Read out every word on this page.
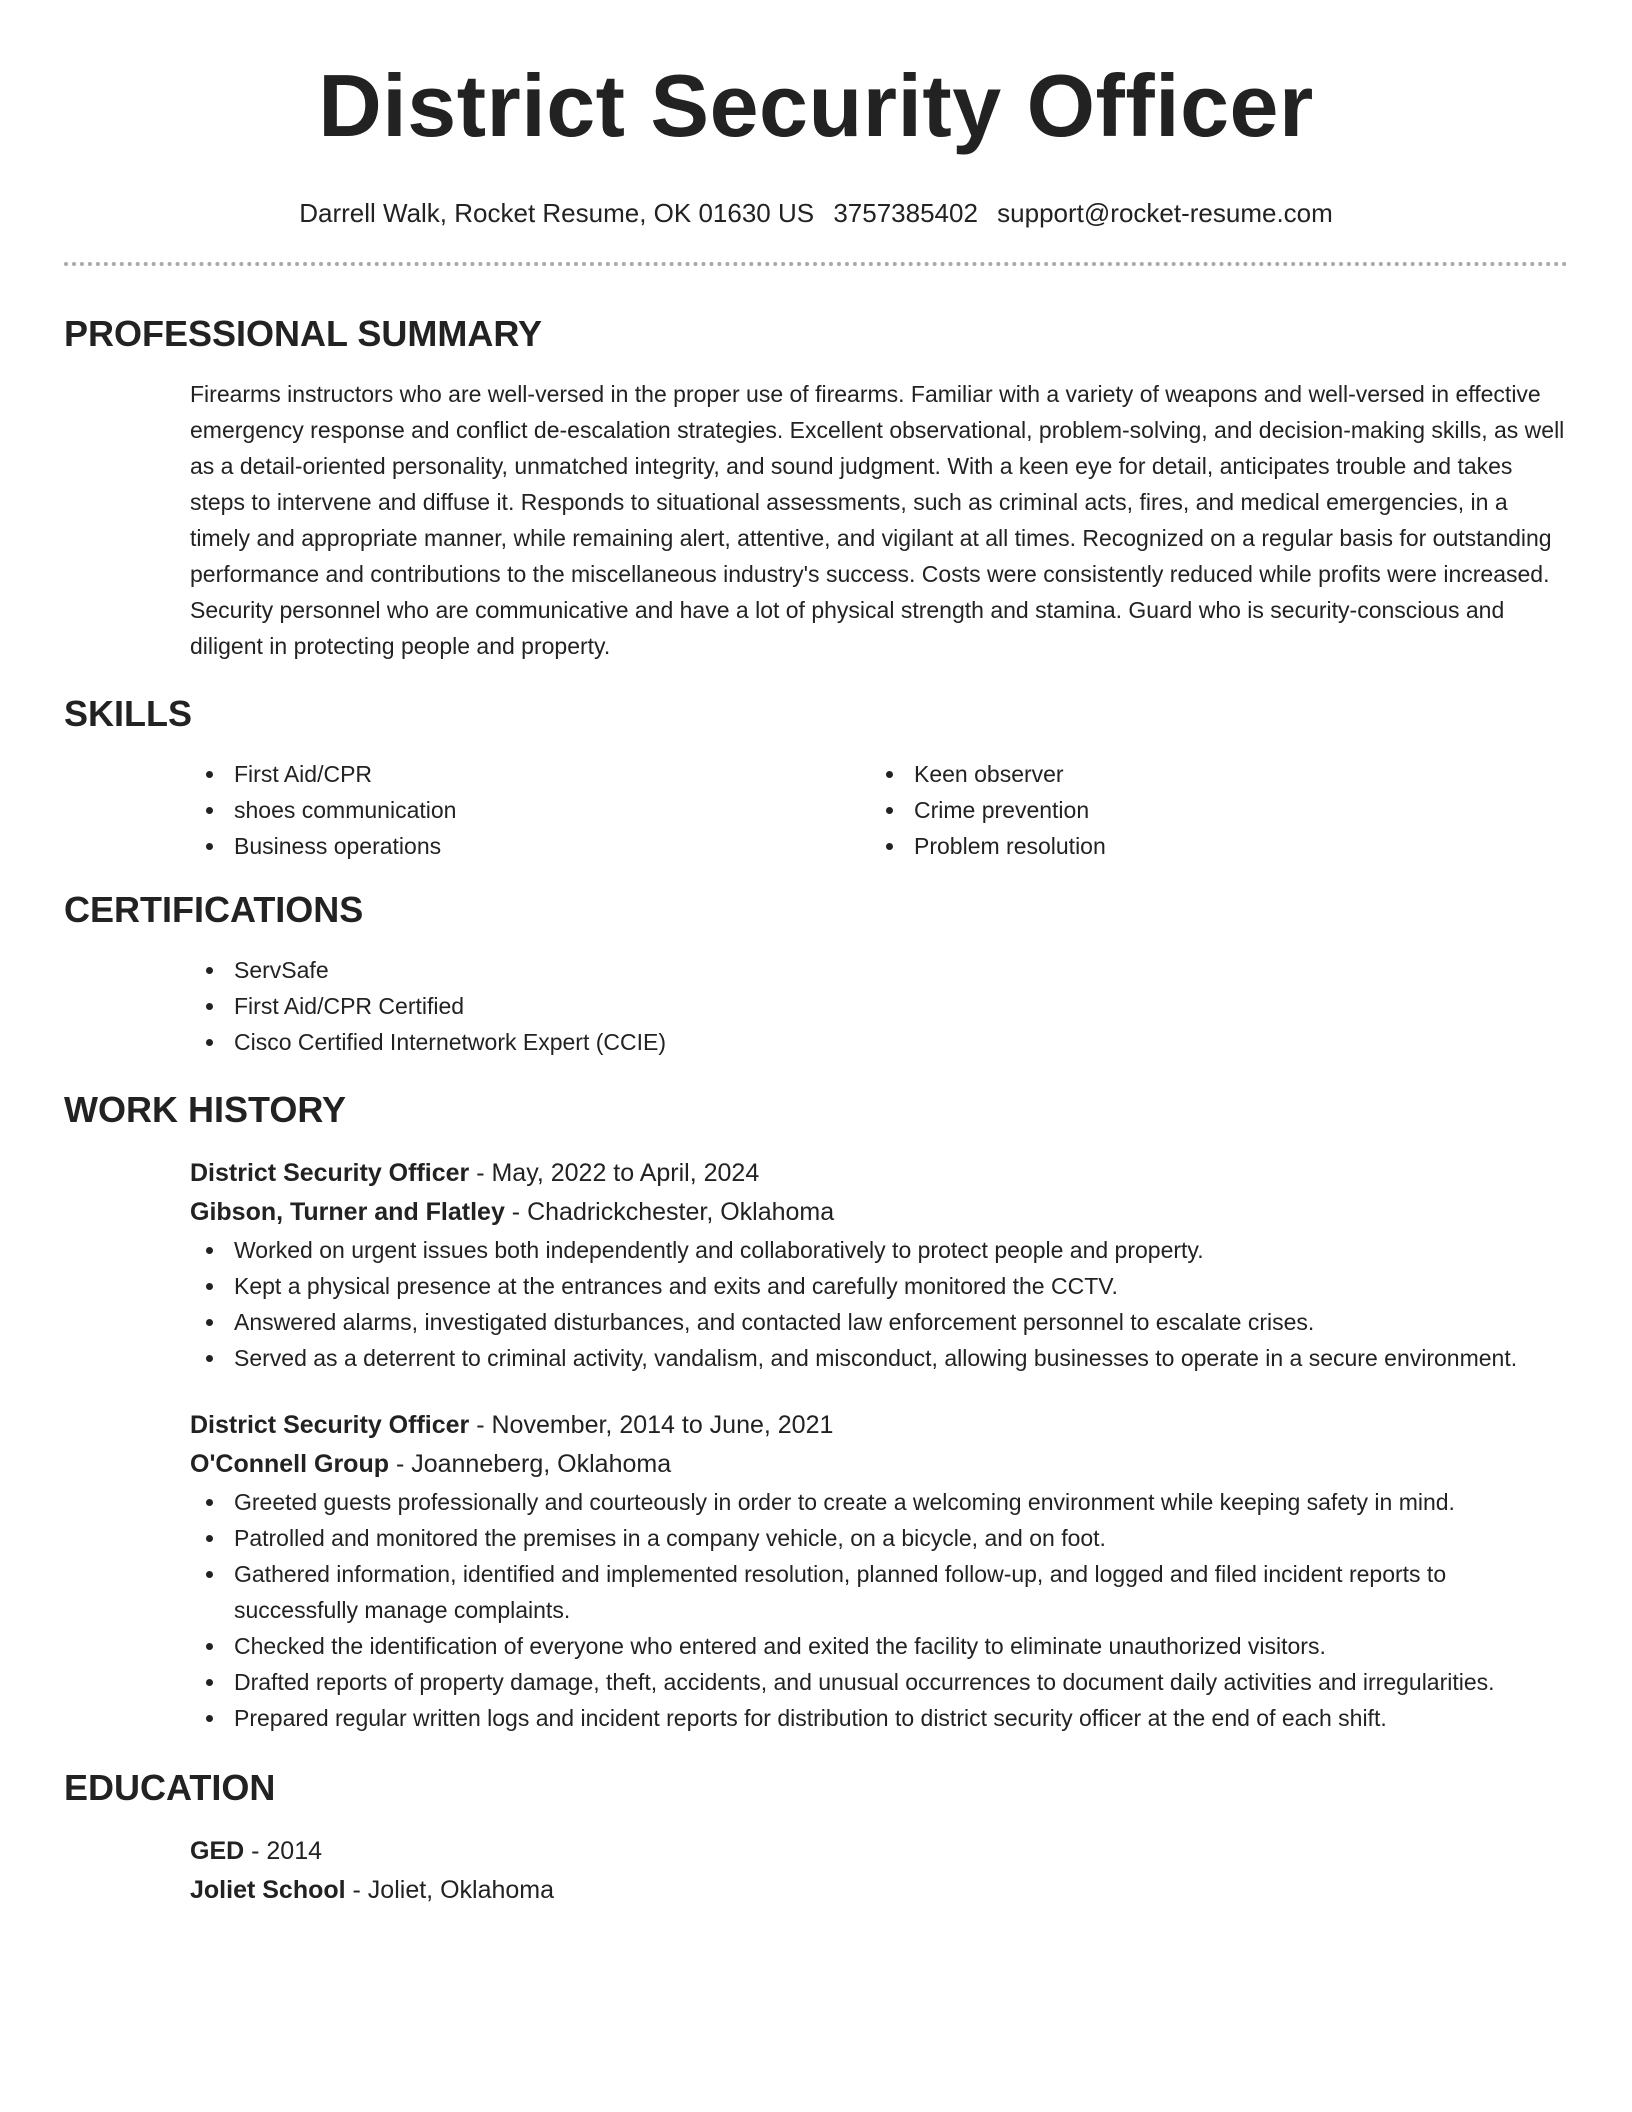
District Security Officer
Darrell Walk, Rocket Resume, OK 01630 US 3757385402 support@rocket-resume.com
PROFESSIONAL SUMMARY
Firearms instructors who are well-versed in the proper use of firearms. Familiar with a variety of weapons and well-versed in effective emergency response and conflict de-escalation strategies. Excellent observational, problem-solving, and decision-making skills, as well as a detail-oriented personality, unmatched integrity, and sound judgment. With a keen eye for detail, anticipates trouble and takes steps to intervene and diffuse it. Responds to situational assessments, such as criminal acts, fires, and medical emergencies, in a timely and appropriate manner, while remaining alert, attentive, and vigilant at all times. Recognized on a regular basis for outstanding performance and contributions to the miscellaneous industry's success. Costs were consistently reduced while profits were increased. Security personnel who are communicative and have a lot of physical strength and stamina. Guard who is security-conscious and diligent in protecting people and property.
SKILLS
First Aid/CPR
shoes communication
Business operations
Keen observer
Crime prevention
Problem resolution
CERTIFICATIONS
ServSafe
First Aid/CPR Certified
Cisco Certified Internetwork Expert (CCIE)
WORK HISTORY
District Security Officer - May, 2022 to April, 2024
Gibson, Turner and Flatley - Chadrickchester, Oklahoma
Worked on urgent issues both independently and collaboratively to protect people and property.
Kept a physical presence at the entrances and exits and carefully monitored the CCTV.
Answered alarms, investigated disturbances, and contacted law enforcement personnel to escalate crises.
Served as a deterrent to criminal activity, vandalism, and misconduct, allowing businesses to operate in a secure environment.
District Security Officer - November, 2014 to June, 2021
O'Connell Group - Joanneberg, Oklahoma
Greeted guests professionally and courteously in order to create a welcoming environment while keeping safety in mind.
Patrolled and monitored the premises in a company vehicle, on a bicycle, and on foot.
Gathered information, identified and implemented resolution, planned follow-up, and logged and filed incident reports to successfully manage complaints.
Checked the identification of everyone who entered and exited the facility to eliminate unauthorized visitors.
Drafted reports of property damage, theft, accidents, and unusual occurrences to document daily activities and irregularities.
Prepared regular written logs and incident reports for distribution to district security officer at the end of each shift.
EDUCATION
GED - 2014
Joliet School - Joliet, Oklahoma
